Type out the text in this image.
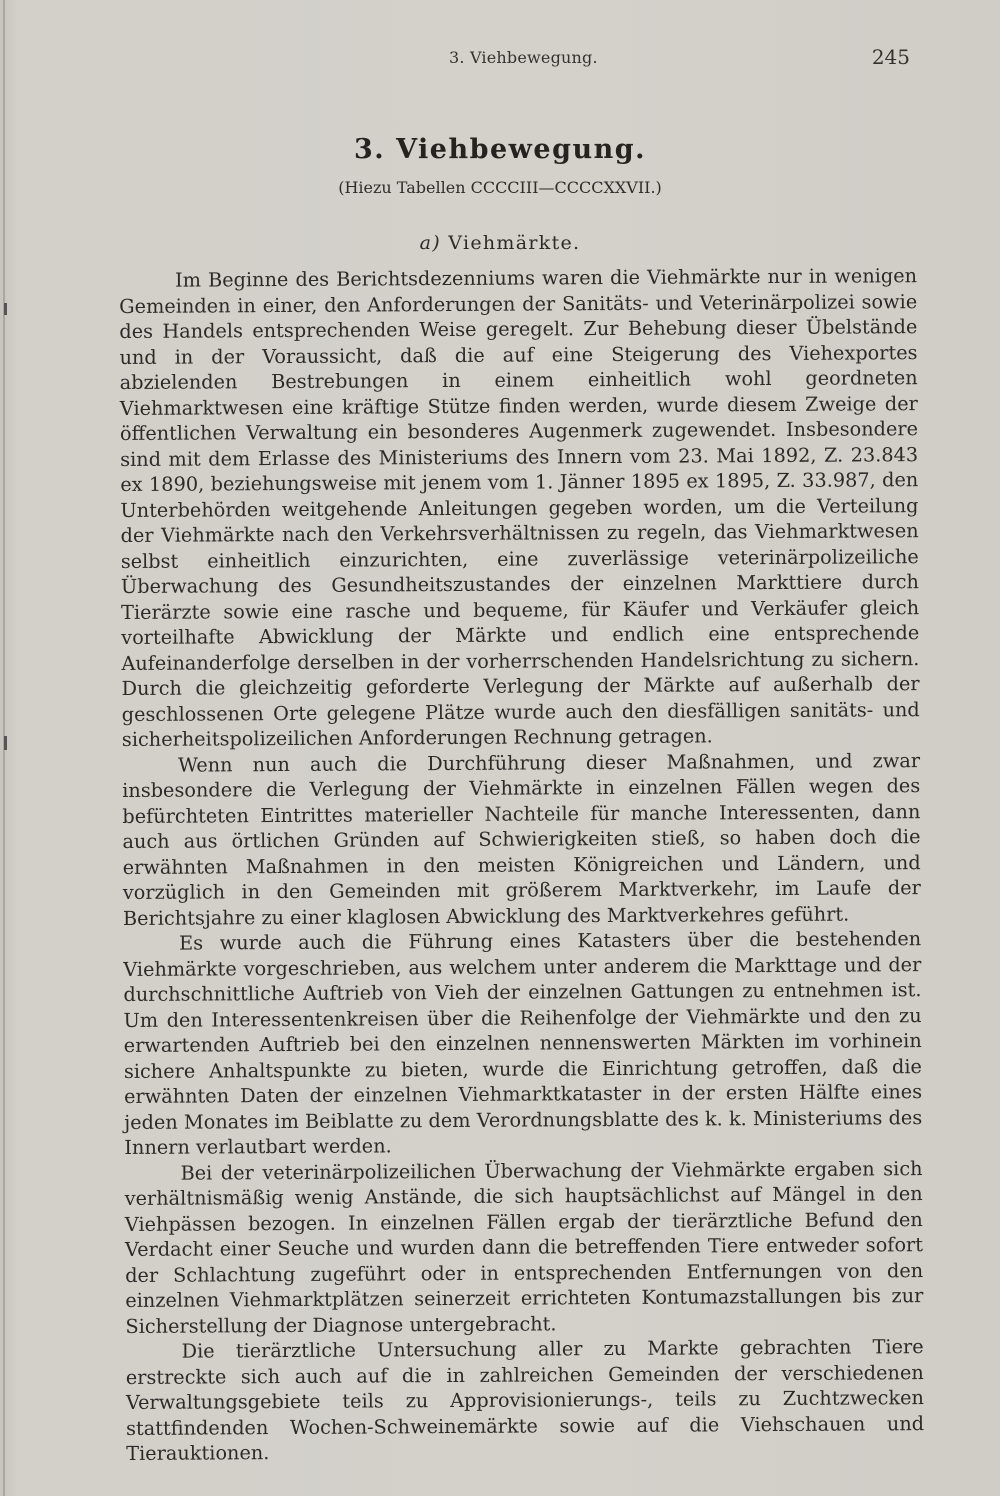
3. Viehbewegung.	245
3. Viehbewegung.
(Hiezu Tabellen CCCCIII—CCCCXXVII.)
a) Viehmärkte.

Im Beginne des Berichtsdezenniums waren die Viehmärkte nur in wenigen Gemeinden in einer, den Anforderungen der Sanitäts- und Veterinärpolizei sowie des Handels entsprechenden Weise geregelt. Zur Behebung dieser Übelstände und in der Voraussicht, daß die auf eine Steigerung des Viehexportes abzielenden Bestrebungen in einem einheitlich wohl geordneten Viehmarktwesen eine kräftige Stütze finden werden, wurde diesem Zweige der öffentlichen Verwaltung ein besonderes Augenmerk zugewendet. Insbesondere sind mit dem Erlasse des Ministeriums des Innern vom 23. Mai 1892, Z. 23.843 ex 1890, beziehungsweise mit jenem vom 1. Jänner 1895 ex 1895, Z. 33.987, den Unterbehörden weitgehende Anleitungen gegeben worden, um die Verteilung der Viehmärkte nach den Verkehrsverhältnissen zu regeln, das Viehmarktwesen selbst einheitlich einzurichten, eine zuverlässige veterinärpolizeiliche Überwachung des Gesundheitszustandes der einzelnen Markttiere durch Tierärzte sowie eine rasche und bequeme, für Käufer und Verkäufer gleich vorteilhafte Abwicklung der Märkte und endlich eine entsprechende Aufeinanderfolge derselben in der vorherrschenden Handelsrichtung zu sichern. Durch die gleichzeitig geforderte Verlegung der Märkte auf außerhalb der geschlossenen Orte gelegene Plätze wurde auch den diesfälligen sanitäts- und sicherheitspolizeilichen Anforderungen Rechnung getragen.

Wenn nun auch die Durchführung dieser Maßnahmen, und zwar insbesondere die Verlegung der Viehmärkte in einzelnen Fällen wegen des befürchteten Eintrittes materieller Nachteile für manche Interessenten, dann auch aus örtlichen Gründen auf Schwierigkeiten stieß, so haben doch die erwähnten Maßnahmen in den meisten Königreichen und Ländern, und vorzüglich in den Gemeinden mit größerem Marktverkehr, im Laufe der Berichtsjahre zu einer klaglosen Abwicklung des Marktverkehres geführt.

Es wurde auch die Führung eines Katasters über die bestehenden Viehmärkte vorgeschrieben, aus welchem unter anderem die Markttage und der durchschnittliche Auftrieb von Vieh der einzelnen Gattungen zu entnehmen ist. Um den Interessentenkreisen über die Reihenfolge der Viehmärkte und den zu erwartenden Auftrieb bei den einzelnen nennenswerten Märkten im vorhinein sichere Anhaltspunkte zu bieten, wurde die Einrichtung getroffen, daß die erwähnten Daten der einzelnen Viehmarktkataster in der ersten Hälfte eines jeden Monates im Beiblatte zu dem Verordnungsblatte des k. k. Ministeriums des Innern verlautbart werden.

Bei der veterinärpolizeilichen Überwachung der Viehmärkte ergaben sich verhältnismäßig wenig Anstände, die sich hauptsächlichst auf Mängel in den Viehpässen bezogen. In einzelnen Fällen ergab der tierärztliche Befund den Verdacht einer Seuche und wurden dann die betreffenden Tiere entweder sofort der Schlachtung zugeführt oder in entsprechenden Entfernungen von den einzelnen Viehmarktplätzen seinerzeit errichteten Kontumazstallungen bis zur Sicherstellung der Diagnose untergebracht.

Die tierärztliche Untersuchung aller zu Markte gebrachten Tiere erstreckte sich auch auf die in zahlreichen Gemeinden der verschiedenen Verwaltungsgebiete teils zu Approvisionierungs-, teils zu Zuchtzwecken stattfindenden Wochen-Schweinemärkte sowie auf die Viehschauen und Tierauktionen.
